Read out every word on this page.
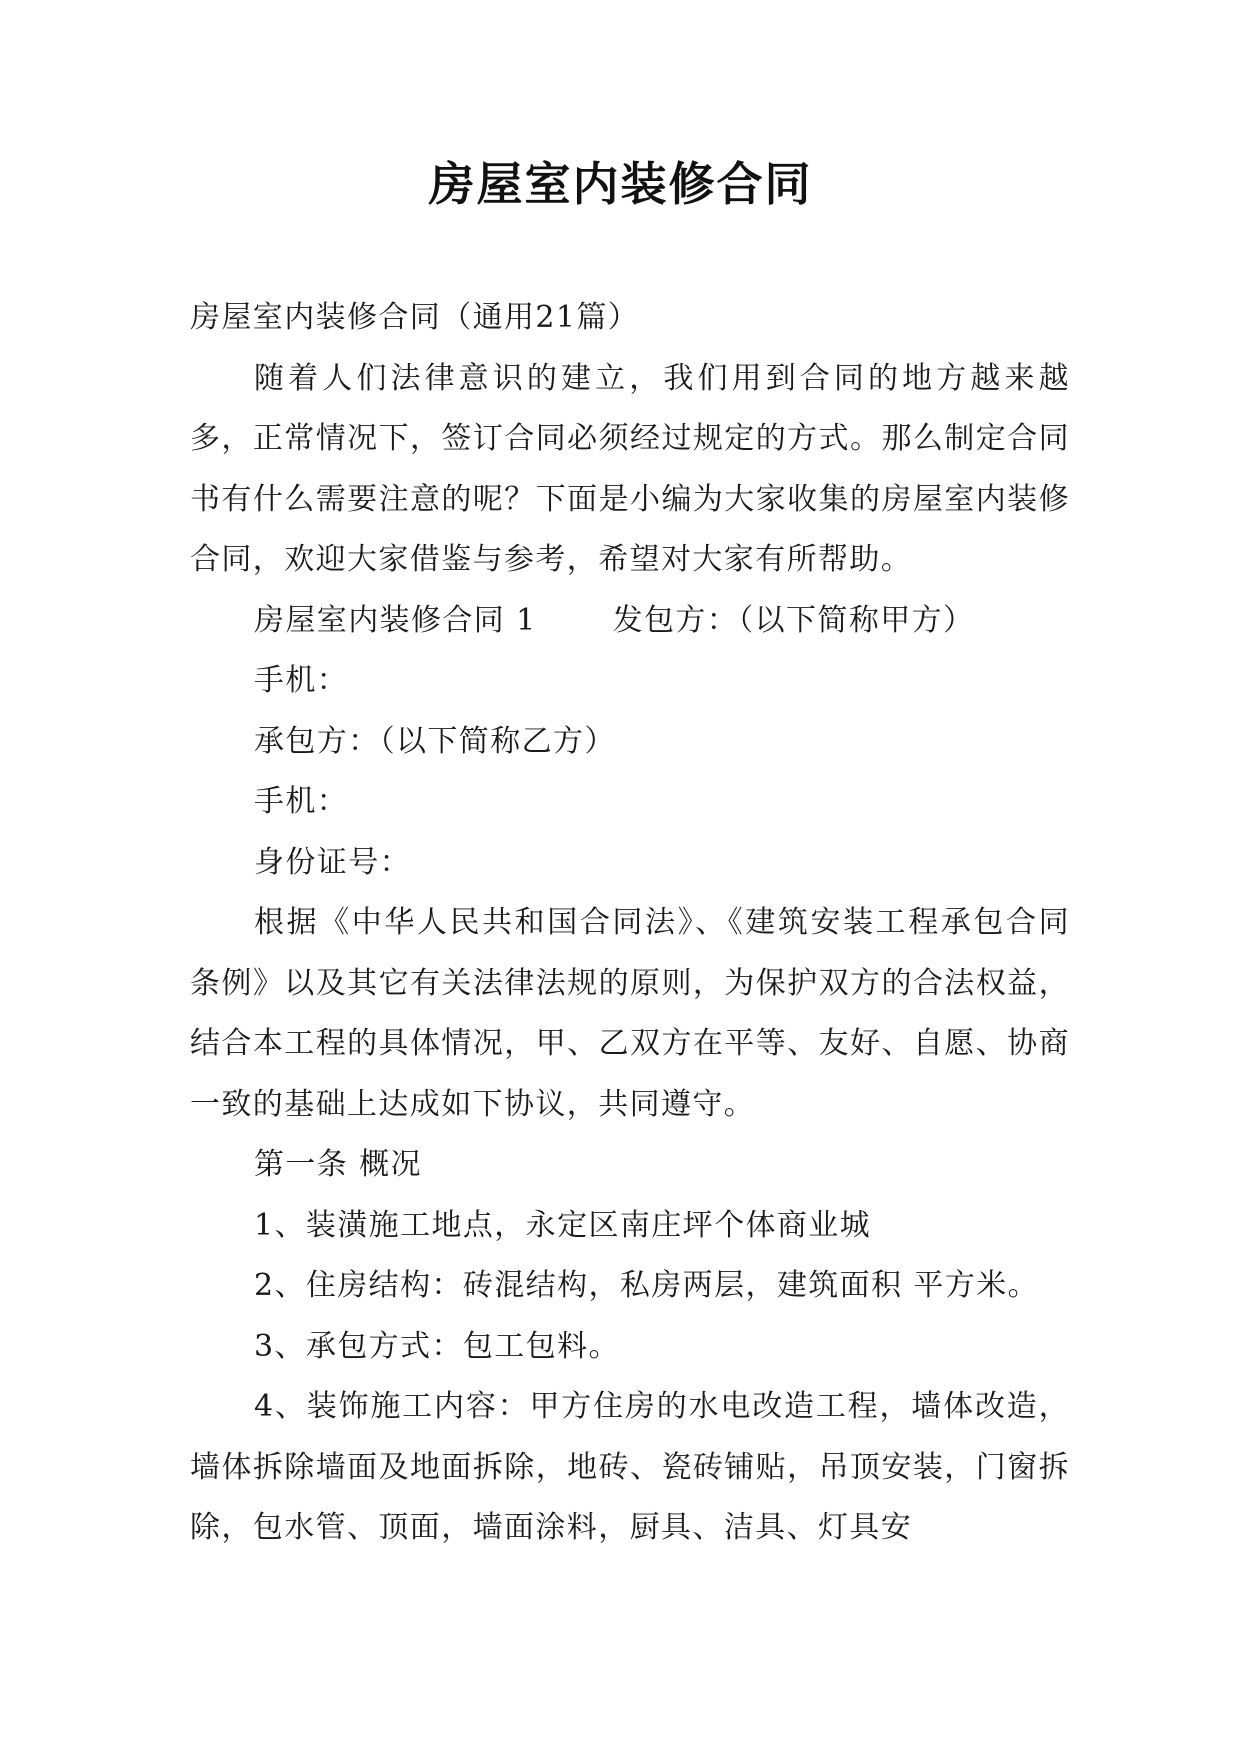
房屋室内装修合同

房屋室内装修合同（通用21篇）

随着人们法律意识的建立，我们用到合同的地方越来越多，正常情况下，签订合同必须经过规定的方式。那么制定合同书有什么需要注意的呢？下面是小编为大家收集的房屋室内装修合同，欢迎大家借鉴与参考，希望对大家有所帮助。

房屋室内装修合同 1	发包方：（以下简称甲方）

手机：

承包方：（以下简称乙方）

手机：

身份证号：

根据《中华人民共和国合同法》、《建筑安装工程承包合同条例》以及其它有关法律法规的原则，为保护双方的合法权益，结合本工程的具体情况，甲、乙双方在平等、友好、自愿、协商一致的基础上达成如下协议，共同遵守。

第一条 概况

1、装潢施工地点，永定区南庄坪个体商业城

2、住房结构：砖混结构，私房两层，建筑面积 平方米。

3、承包方式：包工包料。

4、装饰施工内容：甲方住房的水电改造工程，墙体改造，墙体拆除墙面及地面拆除，地砖、瓷砖铺贴，吊顶安装，门窗拆除，包水管、顶面，墙面涂料，厨具、洁具、灯具安
